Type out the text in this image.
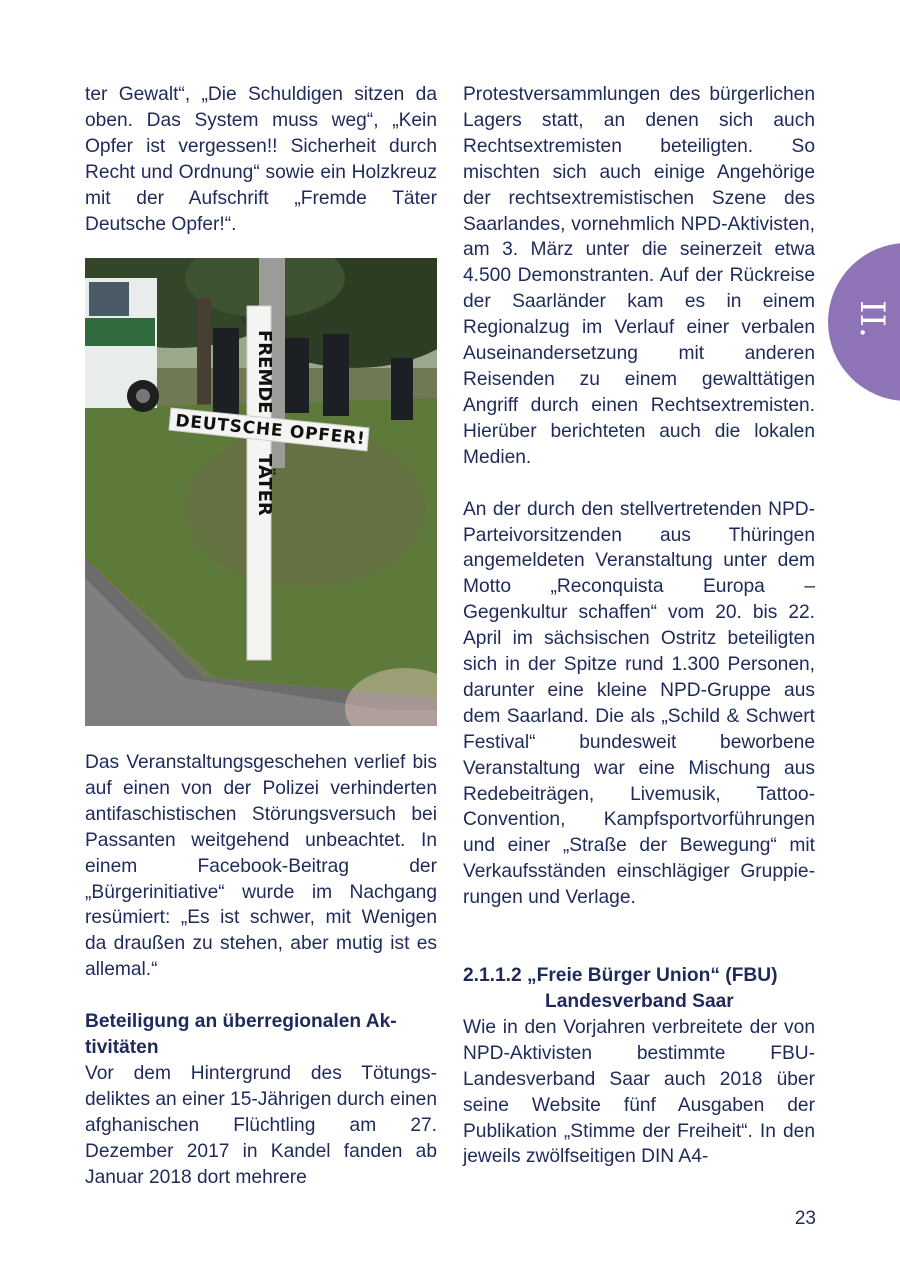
ter Gewalt“, „Die Schuldigen sitzen da oben. Das System muss weg“, „Kein Opfer ist vergessen!! Sicherheit durch Recht und Ordnung“ sowie ein Holzkreuz mit der Aufschrift „Fremde Täter Deutsche Opfer!“.

FREMDE
TÄTER
DEUTSCHE OPFER!

Das Veranstaltungsgeschehen verlief bis auf einen von der Polizei verhinderten antifaschistischen Störungsversuch bei Passanten weitgehend unbeachtet. In einem Facebook-Beitrag der „Bürgerinitiative“ wurde im Nachgang resümiert: „Es ist schwer, mit Wenigen da draußen zu stehen, aber mutig ist es allemal.“

Beteiligung an überregionalen Aktivitäten

Vor dem Hintergrund des Tötungsdeliktes an einer 15-Jährigen durch einen afghanischen Flüchtling am 27. Dezember 2017 in Kandel fanden ab Januar 2018 dort mehrere

Protestversammlungen des bürgerlichen Lagers statt, an denen sich auch Rechtsextremisten beteiligten. So mischten sich auch einige Angehörige der rechtsextremistischen Szene des Saarlandes, vornehmlich NPD-Aktivisten, am 3. März unter die seinerzeit etwa 4.500 Demonstranten. Auf der Rückreise der Saarländer kam es in einem Regionalzug im Verlauf einer verbalen Auseinandersetzung mit anderen Reisenden zu einem gewalttätigen Angriff durch einen Rechtsextremisten. Hierüber berichteten auch die lokalen Medien.

An der durch den stellvertretenden NPD-Parteivorsitzenden aus Thüringen angemeldeten Veranstaltung unter dem Motto „Reconquista Europa – Gegenkultur schaffen“ vom 20. bis 22. April im sächsischen Ostritz beteiligten sich in der Spitze rund 1.300 Personen, darunter eine kleine NPD-Gruppe aus dem Saarland. Die als „Schild & Schwert Festival“ bundesweit beworbene Veranstaltung war eine Mischung aus Redebeiträgen, Livemusik, Tattoo-Convention, Kampfsportvorführungen und einer „Straße der Bewegung“ mit Verkaufsständen einschlägiger Gruppierungen und Verlage.

2.1.1.2 „Freie Bürger Union“ (FBU)
Landesverband Saar

Wie in den Vorjahren verbreitete der von NPD-Aktivisten bestimmte FBU-Landesverband Saar auch 2018 über seine Website fünf Ausgaben der Publikation „Stimme der Freiheit“. In den jeweils zwölfseitigen DIN A4-

II.
23
